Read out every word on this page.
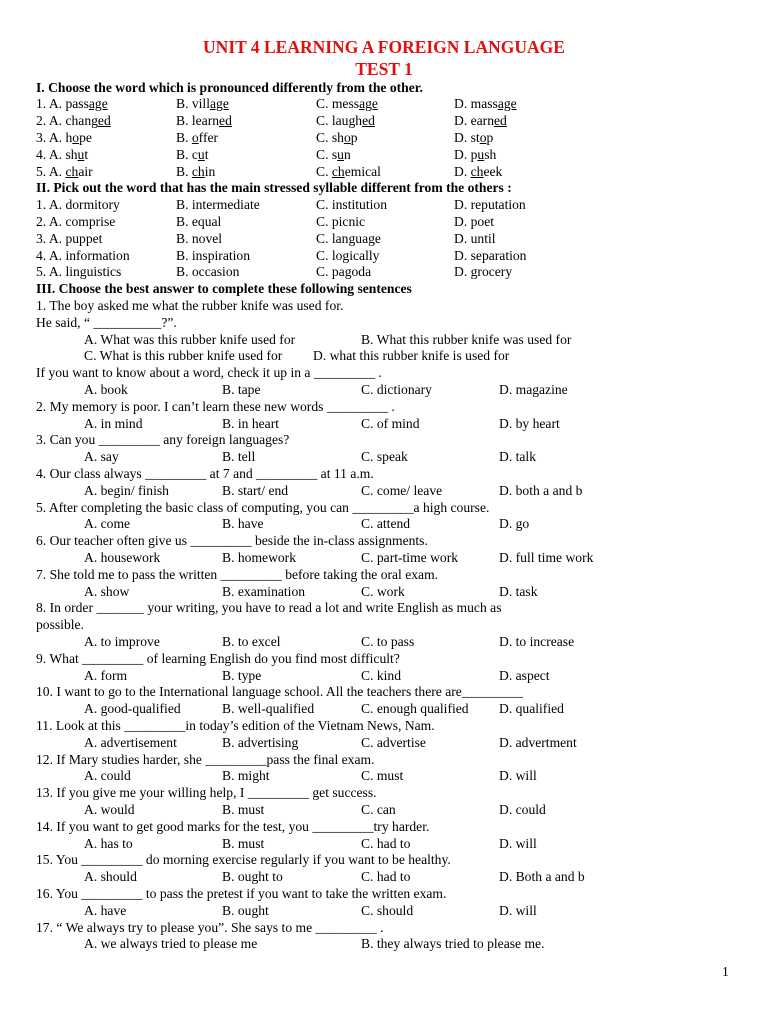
UNIT 4 LEARNING A FOREIGN LANGUAGE
TEST 1
I. Choose the word which is pronounced differently from the other.
1. A. passage	B. village	C. message	D. massage
2. A. changed	B. learned	C. laughed	D. earned
3. A. hope	B. offer	C. shop	D. stop
4. A. shut	B. cut	C. sun	D. push
5. A. chair	B. chin	C. chemical	D. cheek
II. Pick out the word that has the main stressed syllable different from the others :
1. A. dormitory	B. intermediate	C. institution	D. reputation
2. A. comprise	B. equal	C. picnic	D. poet
3. A. puppet	B. novel	C. language	D. until
4. A. information	B. inspiration	C. logically	D. separation
5. A. linguistics	B. occasion	C. pagoda	D. grocery
III. Choose the best answer to complete these following sentences
1. The boy asked me what the rubber knife was used for.
He said, “ __________?”.
A. What was this rubber knife used for	B. What this rubber knife was used for
C. What is this rubber knife used for D. what this rubber knife is used for
If you want to know about a word, check it up in a _________ .
A. book	B. tape	C. dictionary	D. magazine
2. My memory is poor. I can’t learn these new words _________ .
A. in mind	B. in heart	C. of mind	D. by heart
3. Can you _________ any foreign languages?
A. say	B. tell	C. speak	D. talk
4. Our class always _________ at 7 and _________ at 11 a.m.
A. begin/ finish	B. start/ end	C. come/ leave	D. both a and b
5. After completing the basic class of computing, you can _________a high course.
A. come	B. have	C. attend	D. go
6. Our teacher often give us _________ beside the in-class assignments.
A. housework	B. homework	C. part-time work	D. full time work
7. She told me to pass the written _________ before taking the oral exam.
A. show	B. examination	C. work	D. task
8. In order _______ your writing, you have to read a lot and write English as much as
possible.
A. to improve	B. to excel	C. to pass	D. to increase
9. What _________ of learning English do you find most difficult?
A. form	B. type	C. kind	D. aspect
10. I want to go to the International language school. All the teachers there are_________
A. good-qualified	B. well-qualified	C. enough qualified D. qualified
11. Look at this _________in today’s edition of the Vietnam News, Nam.
A. advertisement	B. advertising	C. advertise	D. advertment
12. If Mary studies harder, she _________pass the final exam.
A. could	B. might	C. must	D. will
13. If you give me your willing help, I _________ get success.
A. would	B. must	C. can	D. could
14. If you want to get good marks for the test, you _________try harder.
A. has to	B. must	C. had to	D. will
15. You _________ do morning exercise regularly if you want to be healthy.
A. should	B. ought to	C. had to	D. Both a and b
16. You _________ to pass the pretest if you want to take the written exam.
A. have	B. ought	C. should	D. will
17. “ We always try to please you”. She says to me _________ .
A. we always tried to please me	B. they always tried to please me.
1
